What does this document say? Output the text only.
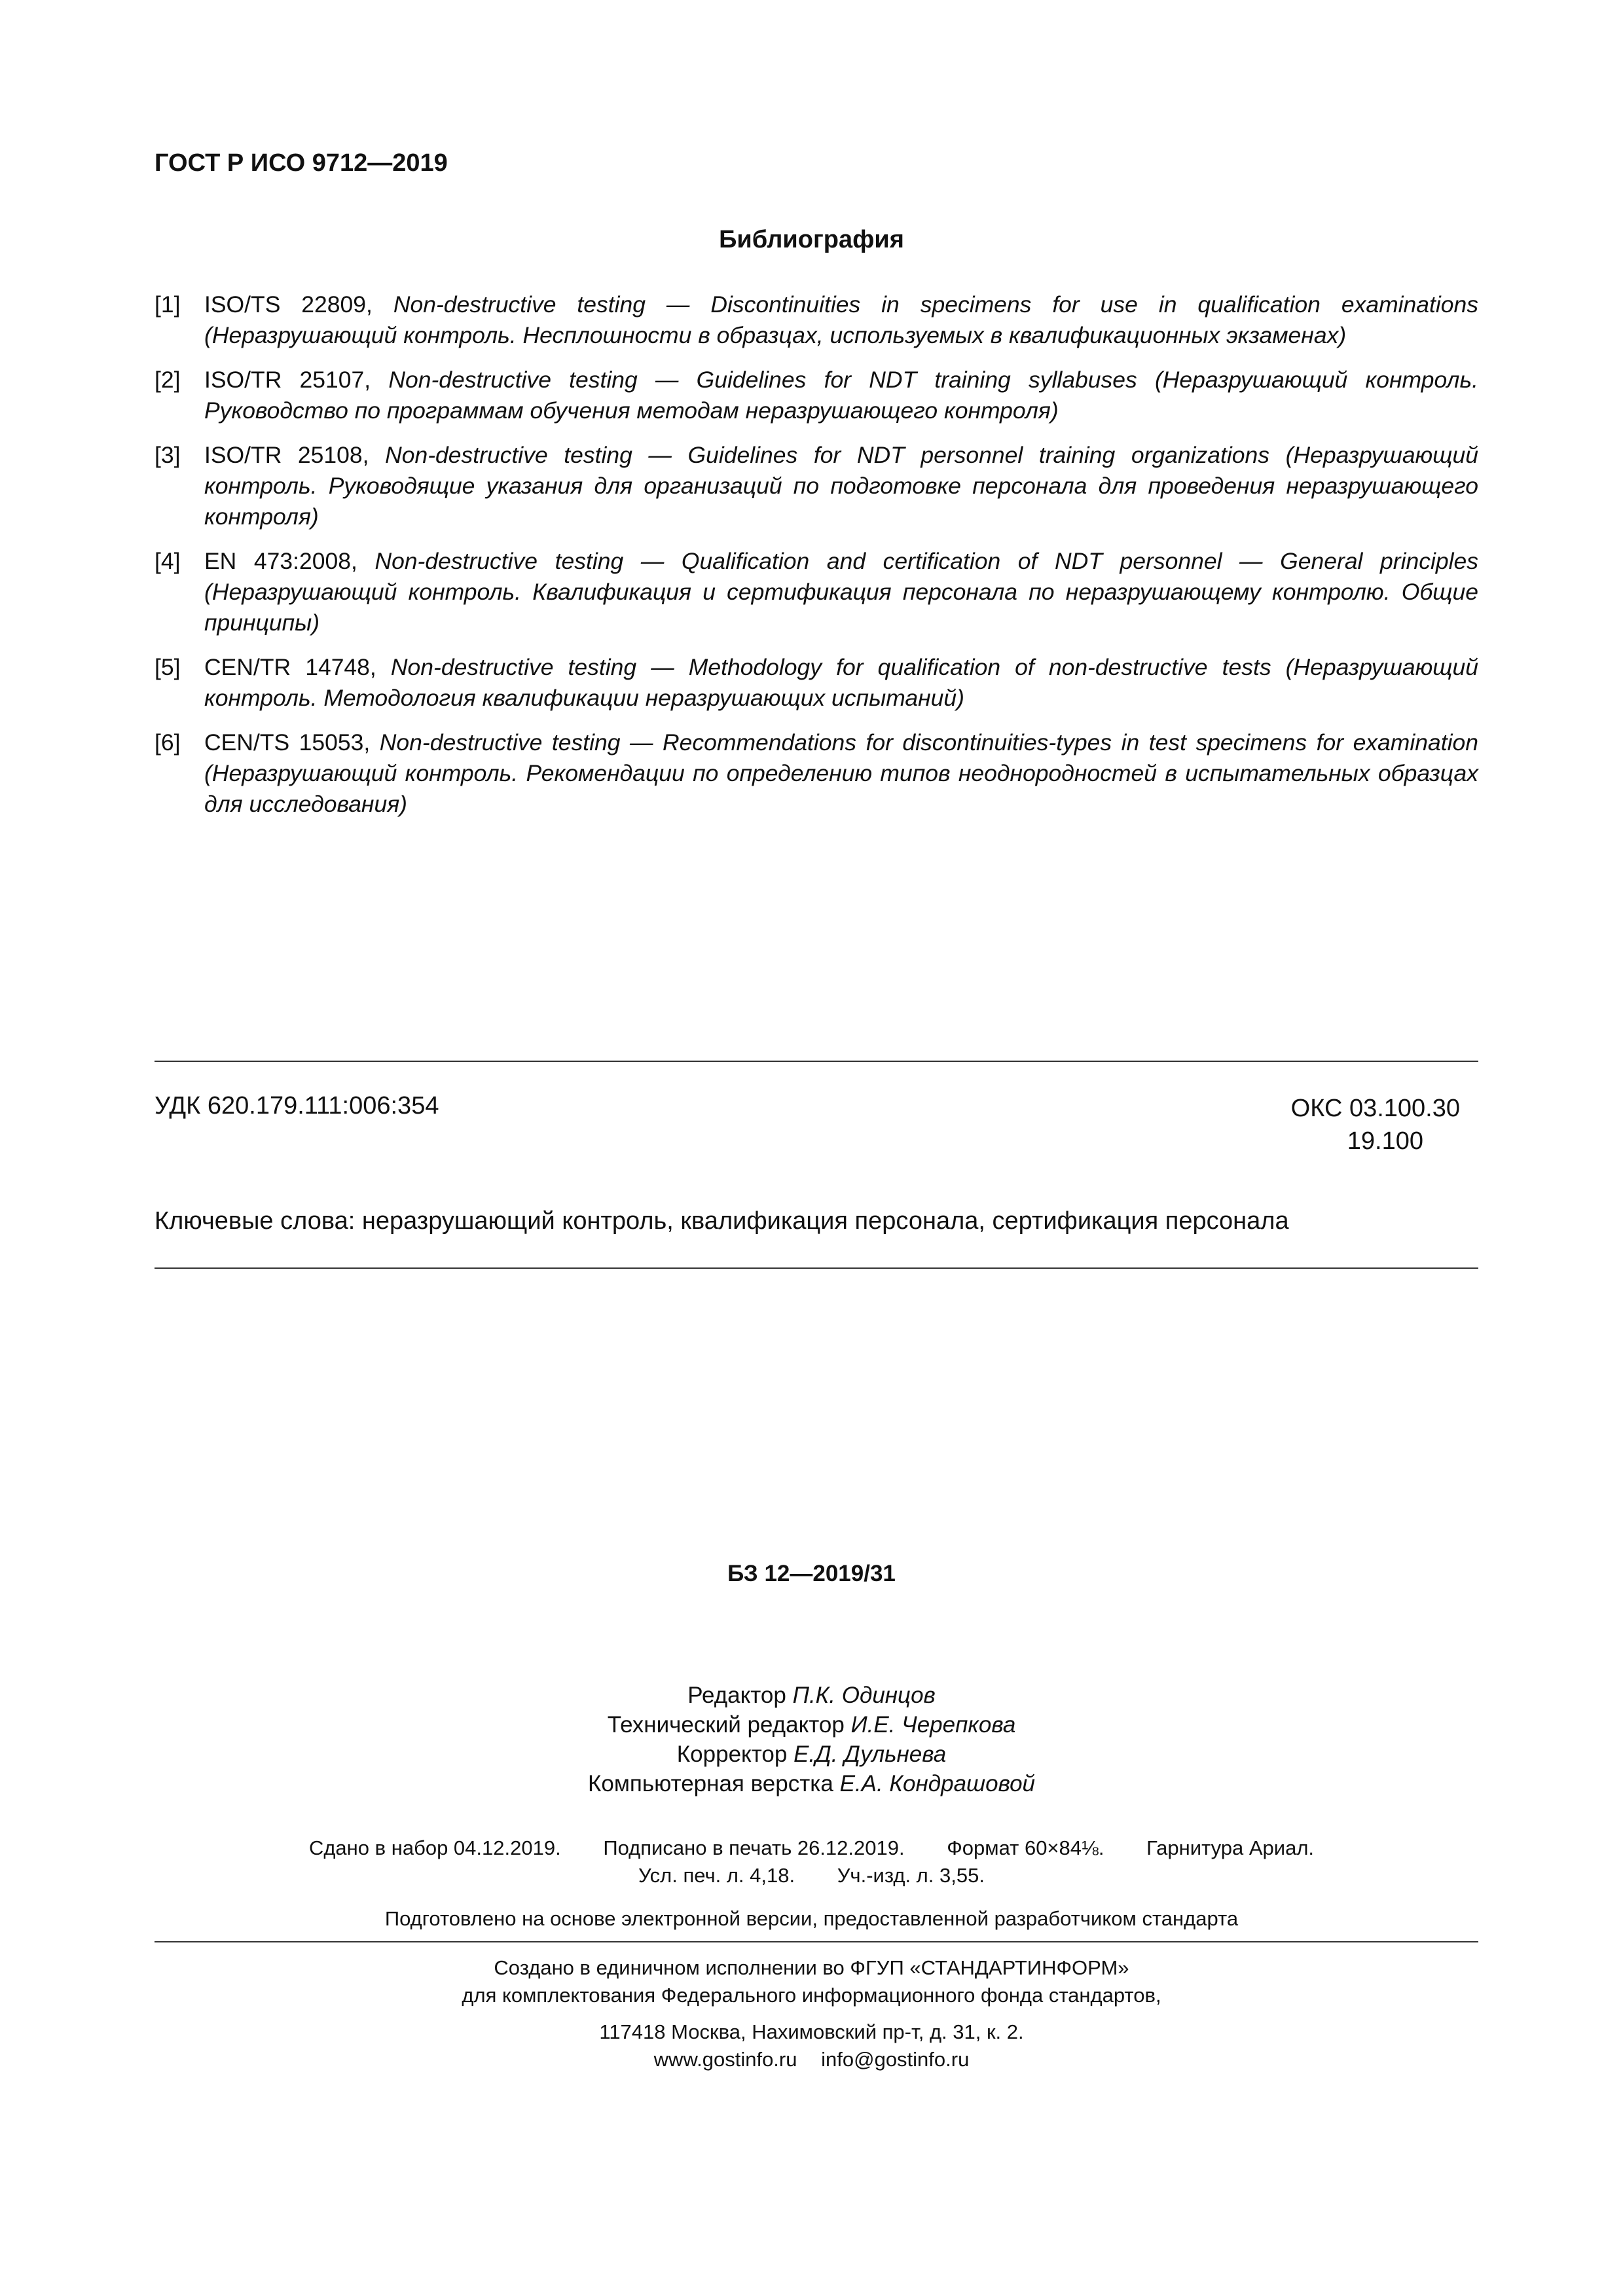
ГОСТ Р ИСО 9712—2019
Библиография
[1] ISO/TS 22809, Non-destructive testing — Discontinuities in specimens for use in qualification examinations (Неразрушающий контроль. Несплошности в образцах, используемых в квалификационных экзаменах)
[2] ISO/TR 25107, Non-destructive testing — Guidelines for NDT training syllabuses (Неразрушающий контроль. Руководство по программам обучения методам неразрушающего контроля)
[3] ISO/TR 25108, Non-destructive testing — Guidelines for NDT personnel training organizations (Неразрушающий контроль. Руководящие указания для организаций по подготовке персонала для проведения неразрушающего контроля)
[4] EN 473:2008, Non-destructive testing — Qualification and certification of NDT personnel — General principles (Неразрушающий контроль. Квалификация и сертификация персонала по неразрушающему контролю. Общие принципы)
[5] CEN/TR 14748, Non-destructive testing — Methodology for qualification of non-destructive tests (Неразрушающий контроль. Методология квалификации неразрушающих испытаний)
[6] CEN/TS 15053, Non-destructive testing — Recommendations for discontinuities-types in test specimens for examination (Неразрушающий контроль. Рекомендации по определению типов неоднородностей в испытательных образцах для исследования)
УДК 620.179.111:006:354	ОКС 03.100.30
19.100
Ключевые слова: неразрушающий контроль, квалификация персонала, сертификация персонала
БЗ 12—2019/31
Редактор П.К. Одинцов
Технический редактор И.Е. Черепкова
Корректор Е.Д. Дульнева
Компьютерная верстка Е.А. Кондрашовой
Сдано в набор 04.12.2019. Подписано в печать 26.12.2019. Формат 60×84⅛. Гарнитура Ариал.
Усл. печ. л. 4,18. Уч.-изд. л. 3,55.
Подготовлено на основе электронной версии, предоставленной разработчиком стандарта
Создано в единичном исполнении во ФГУП «СТАНДАРТИНФОРМ»
для комплектования Федерального информационного фонда стандартов,
117418 Москва, Нахимовский пр-т, д. 31, к. 2.
www.gostinfo.ru info@gostinfo.ru
